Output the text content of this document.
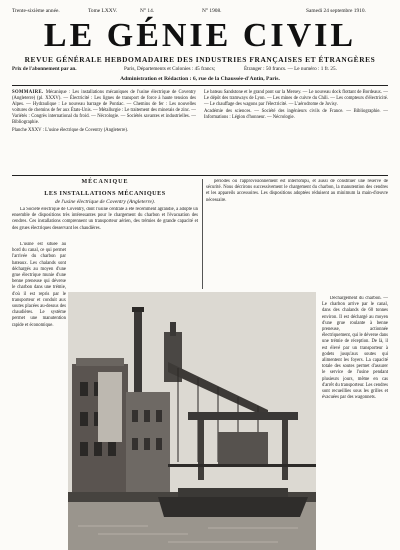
Trente-sixième année.	Tome LXXV.	N° 14.	N° 1908.	Samedi 24 septembre 1910.
LE GÉNIE CIVIL
REVUE GÉNÉRALE HEBDOMADAIRE DES INDUSTRIES FRANÇAISES ET ÉTRANGÈRES
Prix de l'abonnement par an.	Paris, Départements et Colonies : 45 francs;	Étranger : 50 francs. — Le numéro : 1 fr. 25.
Administration et Rédaction : 6, rue de la Chaussée-d'Antin, Paris.
SOMMAIRE. Mécanique : Les installations mécaniques de l'usine électrique de Coventry (Angleterre) (pl. XXXV). — Électricité : Les lignes de transport de force à haute tension des Alpes. — Hydraulique : Le nouveau barrage de Pontiac. — Chemins de fer : Les nouvelles voitures de chemins de fer aux États-Unis. — Métallurgie : Le traitement des minerais de zinc. — Variétés : Congrès international du froid. — Nécrologie. — Sociétés savantes et industrielles. — Bibliographie.
Planche XXXV : L'usine électrique de Coventry (Angleterre).
Le bateau Sandstone et le grand pont sur la Mersey. — Le nouveau dock flottant de Bordeaux. — Le dépôt des tramways de Lyon. — Les mines de cuivre du Chili. — Les compteurs d'électricité. — Le chauffage des wagons par l'électricité. — L'aérodrome de Juvisy.
Académie des sciences. — Société des ingénieurs civils de France. — Bibliographie. — Informations : Légion d'honneur. — Nécrologie.
MÉCANIQUE
LES INSTALLATIONS MÉCANIQUES
de l'usine électrique de Coventry (Angleterre).

La Société électrique de Coventry, dont l'usine centrale a été récemment agrandie, a adopté un ensemble de dispositions très intéressantes pour le chargement du charbon et l'évacuation des cendres. Ces installations comprennent un transporteur aérien, des trémies de grande capacité et des grues électriques desservant les chaudières.

L'usine est située au bord du canal, ce qui permet l'arrivée du charbon par bateaux. Les chalands sont déchargés au moyen d'une grue électrique munie d'une benne preneuse qui déverse le charbon dans une trémie, d'où il est repris par le transporteur et conduit aux soutes placées au-dessus des chaudières. Le système permet une manutention rapide et économique.

périodes où l'approvisionnement est interrompu, et aussi de constituer une réserve de sécurité. Nous décrirons successivement le chargement du charbon, la manutention des cendres et les appareils accessoires. Les dispositions adoptées réduisent au minimum la main-d'œuvre nécessaire.

Déchargement du charbon. — Le charbon arrive par le canal, dans des chalands de 60 tonnes environ. Il est déchargé au moyen d'une grue roulante à benne preneuse, actionnée électriquement, qui le déverse dans une trémie de réception. De là, il est élevé par un transporteur à godets jusqu'aux soutes qui alimentent les foyers. La capacité totale des soutes permet d'assurer le service de l'usine pendant plusieurs jours, même en cas d'arrêt du transporteur. Les cendres sont recueillies sous les grilles et évacuées par des wagonnets.
